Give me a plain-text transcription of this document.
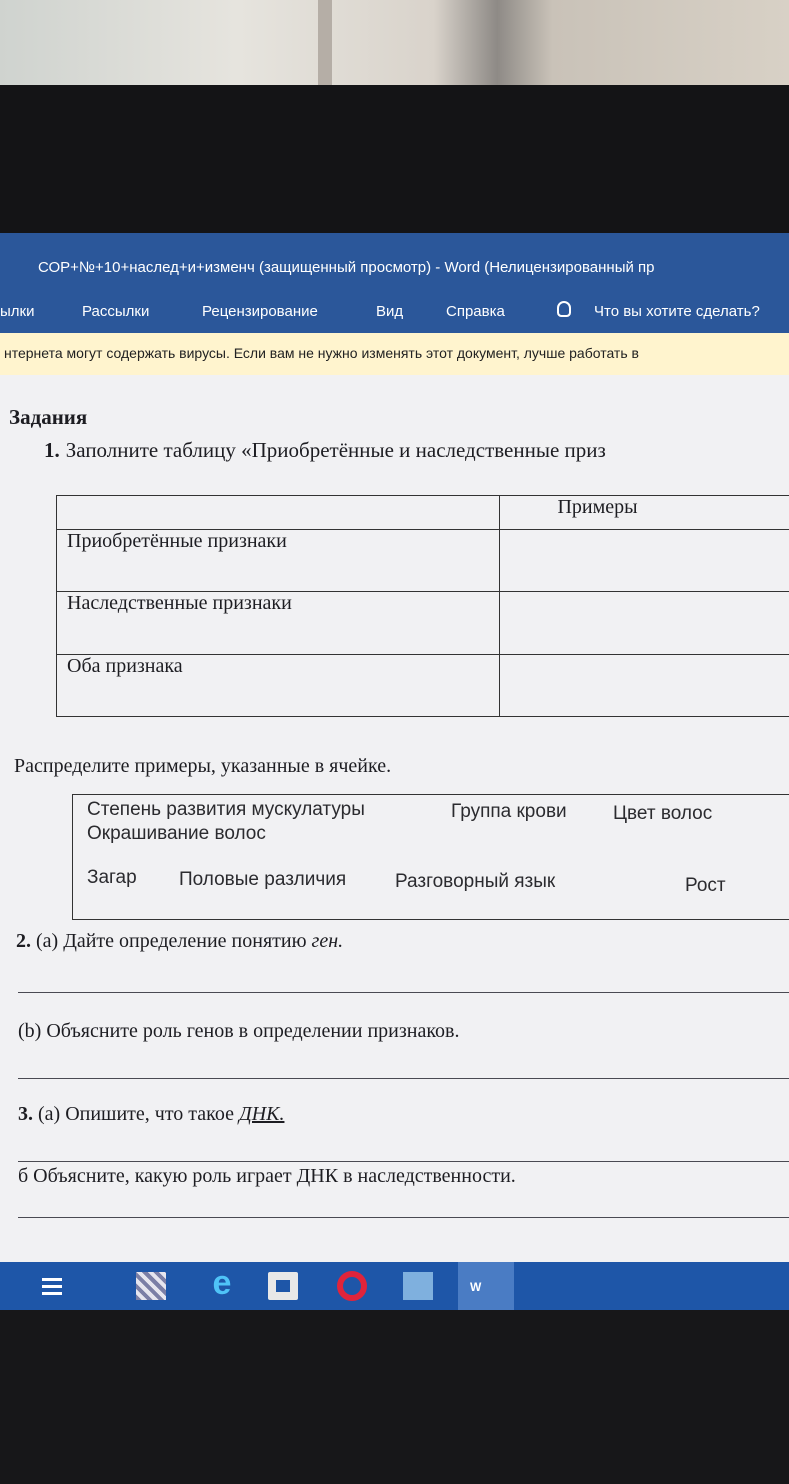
СОР+№+10+наслед+и+изменч (защищенный просмотр) - Word (Нелицензированный пр
ылки	Рассылки	Рецензирование	Вид	Справка	Что вы хотите сделать?
нтернета могут содержать вирусы. Если вам не нужно изменять этот документ, лучше работать в
Задания
1. Заполните таблицу «Приобретённые и наследственные приз
	Примеры
Приобретённые признаки	
Наследственные признаки	
Оба признака	
Распределите примеры, указанные в ячейке.
Степень развития мускулатуры	Группа крови Цвет волос
Окрашивание волос
Загар Половые различия	Разговорный язык	Рост
2. (a) Дайте определение понятию ген.
(b) Объясните роль генов в определении признаков.
3. (a) Опишите, что такое ДНК.
б Объясните, какую роль играет ДНК в наследственности.
e	W
